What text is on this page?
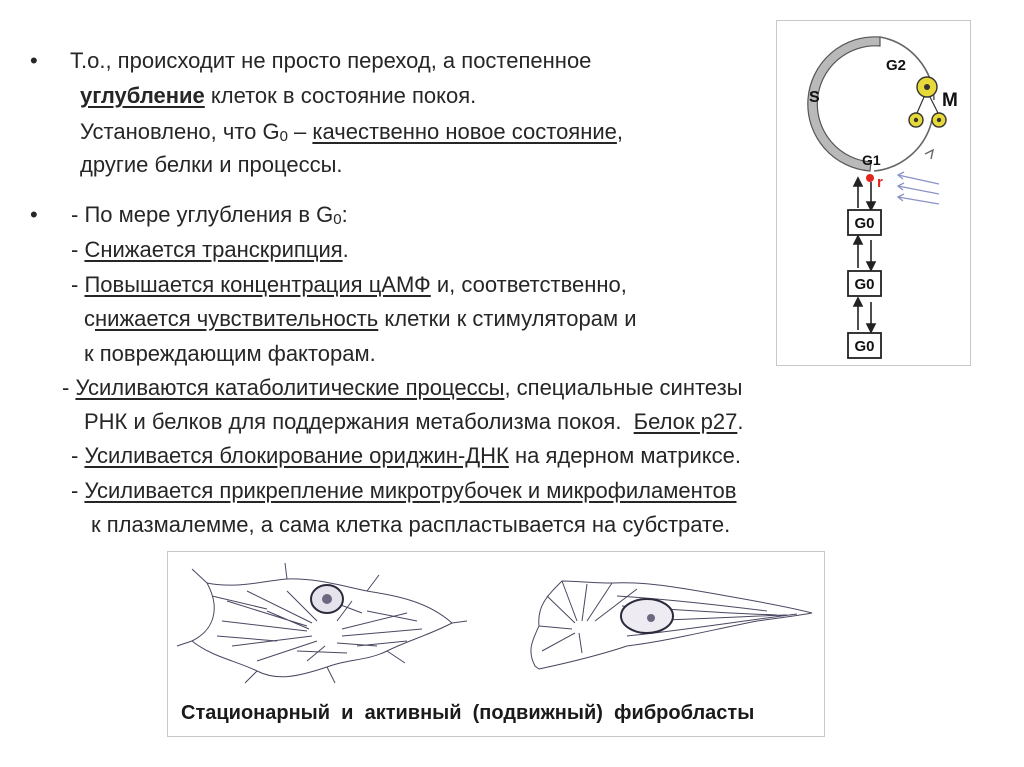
• Т.о., происходит не просто переход, а постепенное
углубление клеток в состояние покоя.
Установлено, что $G_0$ – качественно новое состояние,
другие белки и процессы.
• - По мере углубления в $G_0$:
- Снижается транскрипция.
- Повышается концентрация цАМФ и, соответственно,
снижается чувствительность клетки к стимуляторам и
к повреждающим факторам.
- Усиливаются катаболитические процессы, специальные синтезы
РНК и белков для поддержания метаболизма покоя.  Белок р27.
- Усиливается блокирование ориджин-ДНК на ядерном матриксе.
- Усиливается прикрепление микротрубочек и микрофиламентов
к плазмалемме, а сама клетка распластывается на субстрате.
S
G2
M
G1
r
G0
G0
G0
Стационарный  и  активный  (подвижный)  фибробласты
